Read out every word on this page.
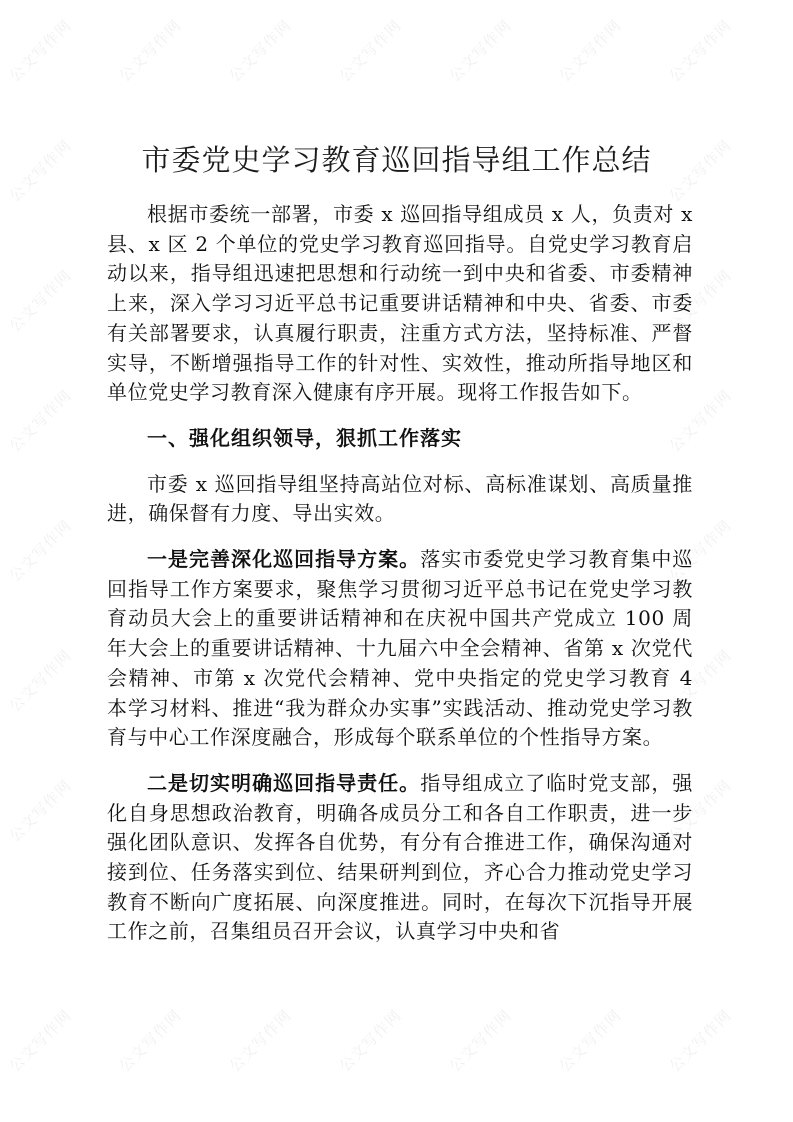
公文写作网	公文写作网	公文写作网	公文写作网	公文写作网	公文写作网	公文写作网
公文写作网	公文写作网
公文写作网	公文写作网
公文写作网	公文写作网
公文写作网	公文写作网
公文写作网	公文写作网
公文写作网	公文写作网
公文写作网	公文写作网	公文写作网	公文写作网	公文写作网	公文写作网	公文写作网
市委党史学习教育巡回指导组工作总结

根据市委统一部署，市委 x 巡回指导组成员 x 人，负责对 x 县、x 区 2 个单位的党史学习教育巡回指导。自党史学习教育启动以来，指导组迅速把思想和行动统一到中央和省委、市委精神上来，深入学习习近平总书记重要讲话精神和中央、省委、市委有关部署要求，认真履行职责，注重方式方法，坚持标准、严督实导，不断增强指导工作的针对性、实效性，推动所指导地区和单位党史学习教育深入健康有序开展。现将工作报告如下。

一、强化组织领导，狠抓工作落实

市委 x 巡回指导组坚持高站位对标、高标准谋划、高质量推进，确保督有力度、导出实效。

一是完善深化巡回指导方案。落实市委党史学习教育集中巡回指导工作方案要求，聚焦学习贯彻习近平总书记在党史学习教育动员大会上的重要讲话精神和在庆祝中国共产党成立 100 周年大会上的重要讲话精神、十九届六中全会精神、省第 x 次党代会精神、市第 x 次党代会精神、党中央指定的党史学习教育 4 本学习材料、推进“我为群众办实事”实践活动、推动党史学习教育与中心工作深度融合，形成每个联系单位的个性指导方案。

二是切实明确巡回指导责任。指导组成立了临时党支部，强化自身思想政治教育，明确各成员分工和各自工作职责，进一步强化团队意识、发挥各自优势，有分有合推进工作，确保沟通对接到位、任务落实到位、结果研判到位，齐心合力推动党史学习教育不断向广度拓展、向深度推进。同时，在每次下沉指导开展工作之前，召集组员召开会议，认真学习中央和省
